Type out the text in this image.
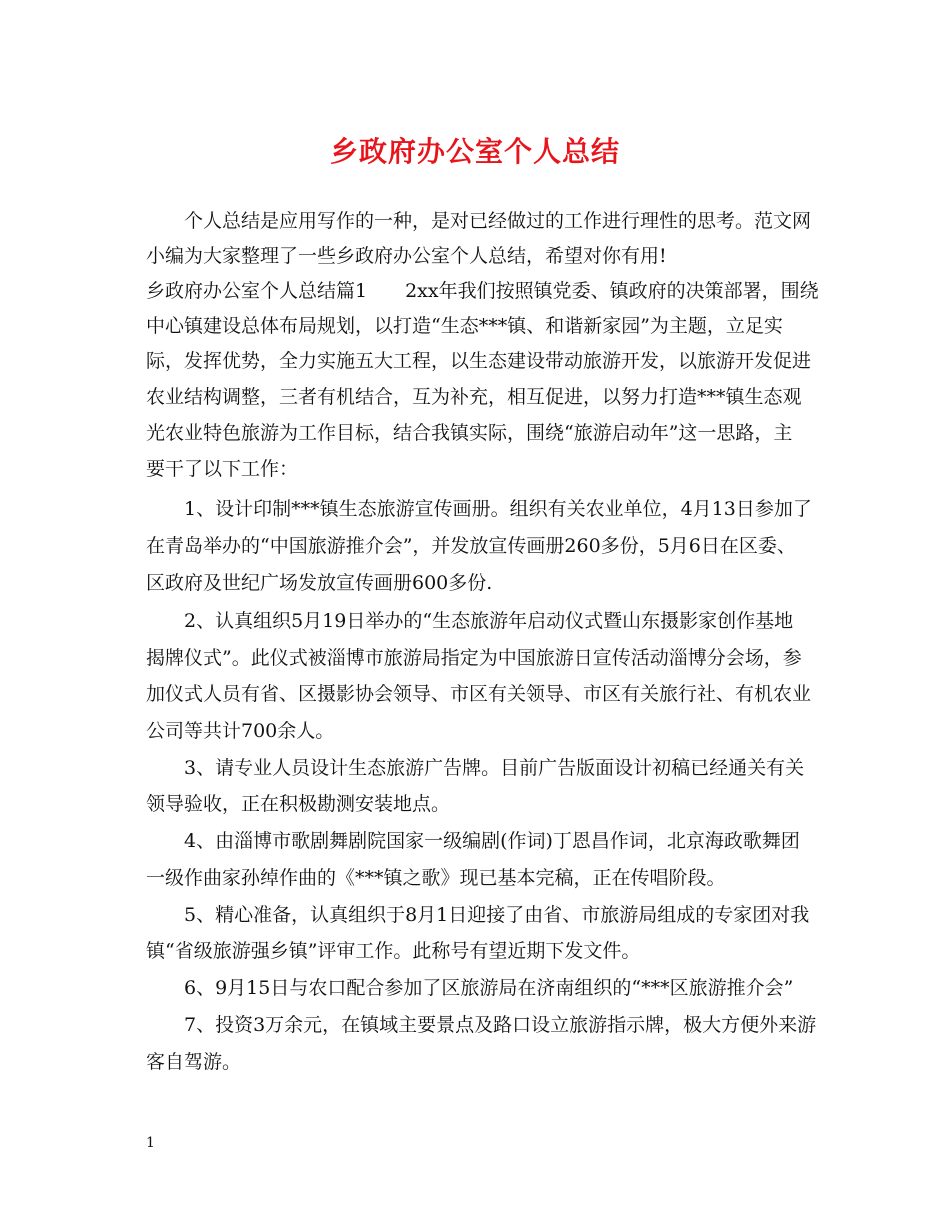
乡政府办公室个人总结
个人总结是应用写作的一种，是对已经做过的工作进行理性的思考。范文网
小编为大家整理了一些乡政府办公室个人总结，希望对你有用!
乡政府办公室个人总结篇1　　2xx年我们按照镇党委、镇政府的决策部署，围绕
中心镇建设总体布局规划，以打造“生态***镇、和谐新家园”为主题，立足实
际，发挥优势，全力实施五大工程，以生态建设带动旅游开发，以旅游开发促进
农业结构调整，三者有机结合，互为补充，相互促进，以努力打造***镇生态观
光农业特色旅游为工作目标，结合我镇实际，围绕“旅游启动年”这一思路，主
要干了以下工作：
1、设计印制***镇生态旅游宣传画册。组织有关农业单位，4月13日参加了
在青岛举办的“中国旅游推介会”，并发放宣传画册260多份，5月6日在区委、
区政府及世纪广场发放宣传画册600多份.
2、认真组织5月19日举办的“生态旅游年启动仪式暨山东摄影家创作基地
揭牌仪式”。此仪式被淄博市旅游局指定为中国旅游日宣传活动淄博分会场，参
加仪式人员有省、区摄影协会领导、市区有关领导、市区有关旅行社、有机农业
公司等共计700余人。
3、请专业人员设计生态旅游广告牌。目前广告版面设计初稿已经通关有关
领导验收，正在积极勘测安装地点。
4、由淄博市歌剧舞剧院国家一级编剧(作词)丁恩昌作词，北京海政歌舞团
一级作曲家孙绰作曲的《***镇之歌》现已基本完稿，正在传唱阶段。
5、精心准备，认真组织于8月1日迎接了由省、市旅游局组成的专家团对我
镇“省级旅游强乡镇”评审工作。此称号有望近期下发文件。
6、9月15日与农口配合参加了区旅游局在济南组织的“***区旅游推介会”
7、投资3万余元，在镇域主要景点及路口设立旅游指示牌，极大方便外来游
客自驾游。
1
